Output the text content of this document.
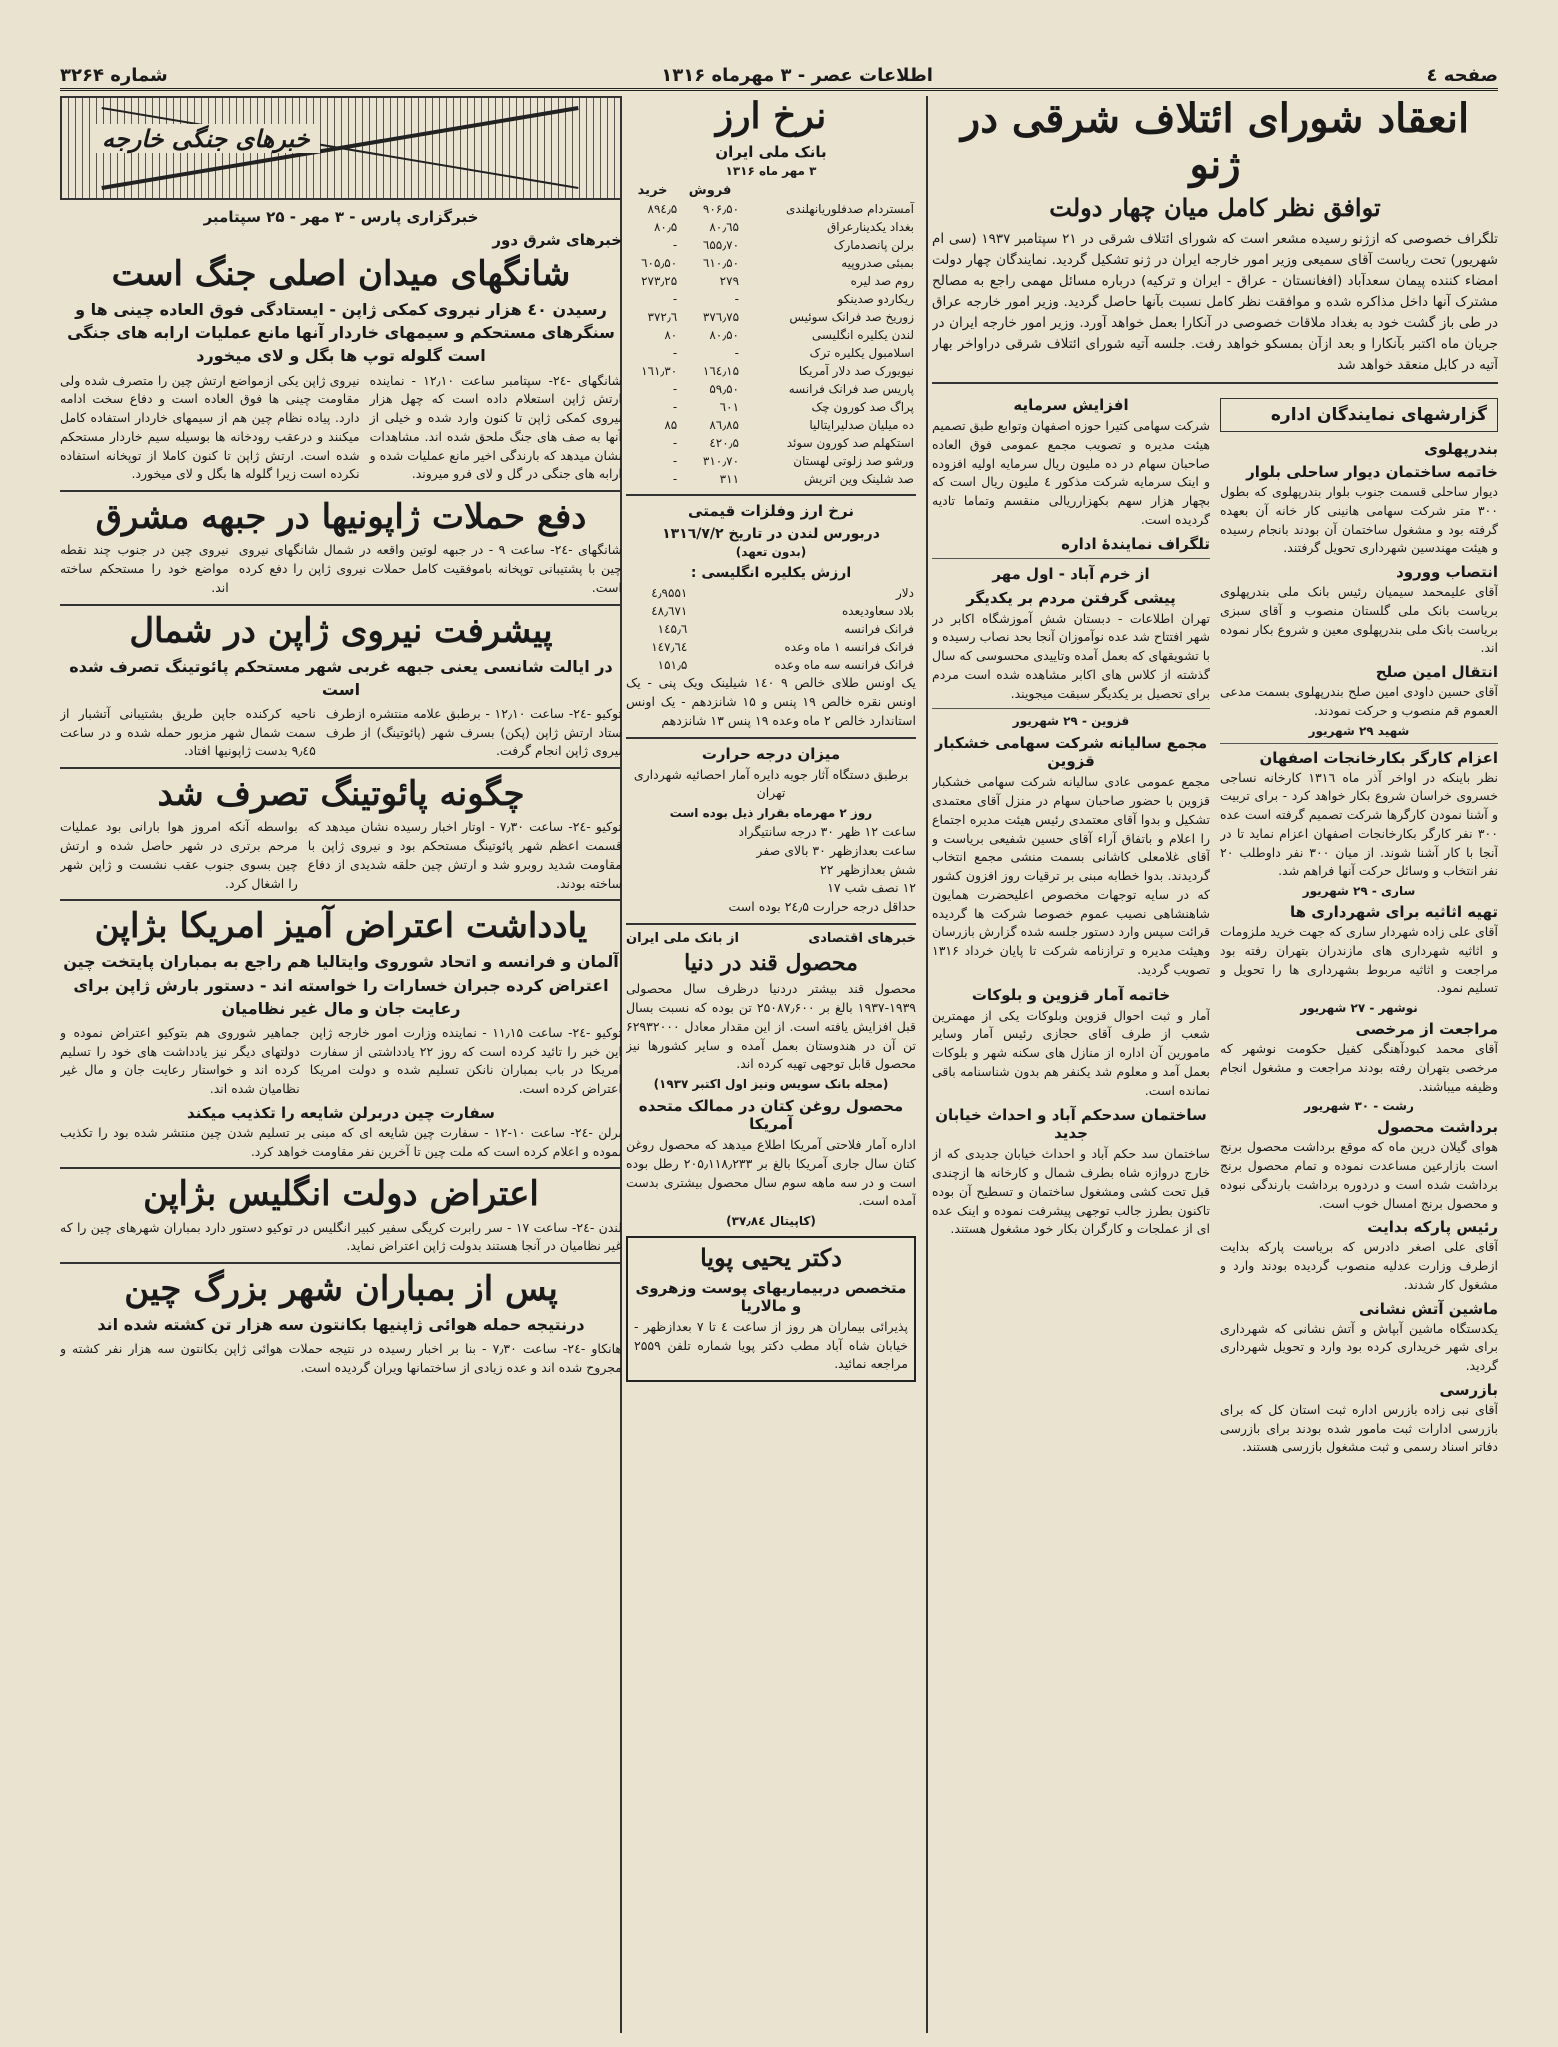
صفحه ٤
اطلاعات عصر - ۳ مهرماه ۱۳۱۶
شماره ۳۲۶۴
انعقاد شورای ائتلاف شرقی در ژنو
توافق نظر کامل میان چهار دولت

تلگراف خصوصی که ازژنو رسیده مشعر است که شورای ائتلاف شرقی در ۲۱ سپتامبر ۱۹۳۷ (سی ام شهریور) تحت ریاست آقای سمیعی وزیر امور خارجه ایران در ژنو تشکیل گردید. نمایندگان چهار دولت امضاء کننده پیمان سعدآباد (افغانستان - عراق - ایران و ترکیه) درباره مسائل مهمی راجع به مصالح مشترک آنها داخل مذاکره شده و موافقت نظر کامل نسبت بآنها حاصل گردید. وزیر امور خارجه عراق در طی باز گشت خود به بغداد ملاقات خصوصی در آنکارا بعمل خواهد آورد. وزیر امور خارجه ایران در جریان ماه اکتبر بآنکارا و بعد ازآن بمسکو خواهد رفت. جلسه آتیه شورای ائتلاف شرقی دراواخر بهار آتیه در کابل منعقد خواهد شد

گزارشهای نمایندگان اداره
بندرپهلوی
خاتمه ساختمان دیوار ساحلی بلوار

دیوار ساحلی قسمت جنوب بلوار بندرپهلوی که بطول ۳۰۰ متر شرکت سهامی هانینی کار خانه آن بعهده گرفته بود و مشغول ساختمان آن بودند بانجام رسیده و هیئت مهندسین شهرداری تحویل گرفتند.

انتصاب وورود

آقای علیمحمد سیمیان رئیس بانک ملی بندرپهلوی بریاست بانک ملی گلستان منصوب و آقای سبزی بریاست بانک ملی بندرپهلوی معین و شروع بکار نموده اند.

انتقال امین صلح

آقای حسین داودی امین صلح بندرپهلوی بسمت مدعی العموم قم منصوب و حرکت نمودند.

شهید ۲۹ شهریور
اعزام کارگر بکارخانجات اصفهان

نظر باینکه در اواخر آذر ماه ۱۳۱٦ کارخانه نساجی خسروی خراسان شروع بکار خواهد کرد - برای تربیت و آشنا نمودن کارگرها شرکت تصمیم گرفته است عده ۳۰۰ نفر کارگر بکارخانجات اصفهان اعزام نماید تا در آنجا با کار آشنا شوند. از میان ۳۰۰ نفر داوطلب ۲۰ نفر انتخاب و وسائل حرکت آنها فراهم شد.

ساری - ۲۹ شهریور
تهیه اثاثیه برای شهرداری ها

آقای علی زاده شهردار ساری که جهت خرید ملزومات و اثاثیه شهرداری های مازندران بتهران رفته بود مراجعت و اثاثیه مربوط بشهرداری ها را تحویل و تسلیم نمود.

نوشهر - ۲۷ شهریور
مراجعت از مرخصی

آقای محمد کبودآهنگی کفیل حکومت نوشهر که مرخصی بتهران رفته بودند مراجعت و مشغول انجام وظیفه میباشند.

رشت - ۳۰ شهریور
برداشت محصول

هوای گیلان درین ماه که موقع برداشت محصول برنج است بازارعین مساعدت نموده و تمام محصول برنج برداشت شده است و دردوره برداشت بارندگی نبوده و محصول برنج امسال خوب است.

رئیس پارکه بدایت

آقای علی اصغر دادرس که بریاست پارکه بدایت ازطرف وزارت عدلیه منصوب گردیده بودند وارد و مشغول کار شدند.

ماشین آتش نشانی

یکدستگاه ماشین آبپاش و آتش نشانی که شهرداری برای شهر خریداری کرده بود وارد و تحویل شهرداری گردید.

بازرسی

آقای نبی زاده بازرس اداره ثبت استان کل که برای بازرسی ادارات ثبت مامور شده بودند برای بازرسی دفاتر اسناد رسمی و ثبت مشغول بازرسی هستند.

افزایش سرمایه

شرکت سهامی کتیرا حوزه اصفهان وتوابع طبق تصمیم هیئت مدیره و تصویب مجمع عمومی فوق العاده صاحبان سهام در ده ملیون ریال سرمایه اولیه افزوده و اینک سرمایه شرکت مذکور ٤ ملیون ریال است که بچهار هزار سهم بکهزارریالی منقسم وتماما تادیه گردیده است.

تلگراف نمایندۀ اداره
از خرم آباد - اول مهر
پیشی گرفتن مردم بر یکدیگر

تهران اطلاعات - دبستان شش آموزشگاه اکابر در شهر افتتاح شد عده نوآموزان آنجا بحد نصاب رسیده و با تشویقهای که بعمل آمده وتاییدی محسوسی که سال گذشته از کلاس های اکابر مشاهده شده است مردم برای تحصیل بر یکدیگر سبقت میجویند.

قزوین - ۲۹ شهریور
مجمع سالیانه شرکت سهامی خشکبار قزوین

مجمع عمومی عادی سالیانه شرکت سهامی خشکبار قزوین با حضور صاحبان سهام در منزل آقای معتمدی تشکیل و بدوا آقای معتمدی رئیس هیئت مدیره اجتماع را اعلام و باتفاق آراء آقای حسین شفیعی بریاست و آقای غلامعلی کاشانی بسمت منشی مجمع انتخاب گردیدند. بدوا خطابه مبنی بر ترقیات روز افزون کشور که در سایه توجهات مخصوص اعلیحضرت همایون شاهنشاهی نصیب عموم خصوصا شرکت ها گردیده قرائت سپس وارد دستور جلسه شده گزارش بازرسان وهیئت مدیره و ترازنامه شرکت تا پایان خرداد ۱۳۱۶ تصویب گردید.

خاتمه آمار قزوین و بلوکات

آمار و ثبت احوال قزوین وبلوکات یکی از مهمترین شعب از طرف آقای حجازی رئیس آمار وسایر مامورین آن اداره از منازل های سکنه شهر و بلوکات بعمل آمد و معلوم شد یکنفر هم بدون شناسنامه باقی نمانده است.

ساختمان سدحکم آباد و احداث خیابان جدید

ساختمان سد حکم آباد و احداث خیابان جدیدی که از خارج دروازه شاه بطرف شمال و کارخانه ها ازچندی قبل تحت کشی ومشغول ساختمان و تسطیح آن بوده تاکنون بطرز جالب توجهی پیشرفت نموده و اینک عده ای از عملجات و کارگران بکار خود مشغول هستند.

نرخ ارز
بانک ملی ایران
۳ مهر ماه ۱۳۱۶
	فروش	خرید
آمستردام صدفلوریانهلندی	۹۰۶٫۵۰	۸۹٤٫۵
بغداد یکدینارعراق	۸۰٫٦۵	۸۰٫۵
برلن پانصدمارک	٦۵۵٫۷۰	-
بمبئی صدروپیه	٦۱۰٫۵۰	٦۰۵٫۵۰
روم صد لیره	۲۷۹	۲۷۳٫۲۵
ریکاردو صدینکو	-	-
زوریخ صد فرانک سوئیس	۳۷٦٫۷۵	۳۷۲٫٦
لندن یکلیره انگلیسی	۸۰٫۵۰	۸۰
اسلامبول یکلیره ترک	-	-
نیویورک صد دلار آمریکا	۱٦٤٫۱۵	۱٦۱٫۳۰
پاریس صد فرانک فرانسه	۵۹٫۵۰	-
پراگ صد کورون چک	٦۰۱	-
ده میلیان صدلیرایتالیا	۸٦٫۸۵	۸۵
استکهلم صد کورون سوئد	٤۲۰٫۵	-
ورشو صد زلوتی لهستان	۳۱۰٫۷۰	-
صد شلینک وین اتریش	۳۱۱	-
نرخ ارز وفلزات قیمتی
دربورس لندن در تاریخ ۱۳۱٦/۷/۲
(بدون تعهد)
ارزش یکلیره انگلیسی :
دلار	٤٫۹۵۵۱
بلاد سعاودیعده	٤۸٫٦۷۱
فرانک فرانسه	۱٤۵٫٦
فرانک فرانسه ۱ ماه وعده	۱٤۷٫٦٤
فرانک فرانسه سه ماه وعده	۱۵۱٫۵

یک اونس طلای خالص ۹ ۱٤۰ شیلینک ویک پنی - یک اونس نقره خالص ۱۹ پنس و ۱۵ شانزدهم - یک اونس استاندارد خالص ۲ ماه وعده ۱۹ پنس ۱۳ شانزدهم

میزان درجه حرارت

برطبق دستگاه آثار جویه دایره آمار احصائیه شهرداری تهران

روز ۲ مهرماه بقرار ذیل بوده است
ساعت ۱۲ ظهر ۳۰ درجه سانتیگراد
ساعت بعدازظهر ۳۰ بالای صفر
شش بعدازظهر ۲۲
۱۲ نصف شب ۱۷
حداقل درجه حرارت ۲٤٫۵ بوده است
خبرهای اقتصادی
از بانک ملی ایران
محصول قند در دنیا

محصول قند بیشتر دردنیا درظرف سال محصولی ۱۹۳۹-۱۹۳۷ بالغ بر ۲۵۰۸۷٫۶۰۰ تن بوده که نسبت بسال قبل افزایش یافته است. از این مقدار معادل ۶۲۹۳۲۰۰۰ تن آن در هندوستان بعمل آمده و سایر کشورها نیز محصول قابل توجهی تهیه کرده اند.

(مجله بانک سویس ونیز اول اکتبر ۱۹۳۷)
محصول روغن کتان در ممالک متحده آمریکا

اداره آمار فلاحتی آمریکا اطلاع میدهد که محصول روغن کتان سال جاری آمریکا بالغ بر ۲۰۵٫۱۱۸٫۲۳۳ رطل بوده است و در سه ماهه سوم سال محصول بیشتری بدست آمده است.

(کاپیتال ۳۷٫۸٤)
دکتر یحیی پویا
متخصص دربیماریهای پوست وزهروی و مالاریا

پذیرائی بیماران هر روز از ساعت ٤ تا ۷ بعدازظهر - خیابان شاه آباد مطب دکتر پویا شماره تلفن ۲۵۵۹ مراجعه نمائید.

خبرهای جنگی خارجه
خبرگزاری پارس - ۳ مهر - ۲۵ سپتامبر
خبرهای شرق دور
شانگهای میدان اصلی جنگ است

رسیدن ٤۰ هزار نیروی کمکی ژاپن - ایستادگی فوق العاده چینی ها و سنگرهای مستحکم و سیمهای خاردار آنها مانع عملیات ارابه های جنگی است گلوله توپ ها بگل و لای میخورد

شانگهای -۲٤- سپتامبر ساعت ۱۲٫۱۰ - نماینده ارتش ژاپن استعلام داده است که چهل هزار نیروی کمکی ژاپن تا کنون وارد شده و خیلی از آنها به صف های جنگ ملحق شده اند. مشاهدات نشان میدهد که بارندگی اخیر مانع عملیات شده و ارابه های جنگی در گل و لای فرو میروند.

نیروی ژاپن یکی ازمواضع ارتش چین را متصرف شده ولی مقاومت چینی ها فوق العاده است و دفاع سخت ادامه دارد. پیاده نظام چین هم از سیمهای خاردار استفاده کامل میکنند و درعقب رودخانه ها بوسیله سیم خاردار مستحکم شده است. ارتش ژاپن تا کنون کاملا از توپخانه استفاده نکرده است زیرا گلوله ها بگل و لای میخورد.

دفع حملات ژاپونیها در جبهه مشرق

شانگهای -۲٤- ساعت ۹ - در جبهه لوتین واقعه در شمال شانگهای نیروی چین با پشتیبانی توپخانه باموفقیت کامل حملات نیروی ژاپن را دفع کرده است.

نیروی چین در جنوب چند نقطه مواضع خود را مستحکم ساخته اند.

پیشرفت نیروی ژاپن در شمال

در ایالت شانسی یعنی جبهه غربی شهر مستحکم پائوتینگ تصرف شده است

توکیو -۲٤- ساعت ۱۲٫۱۰ - برطبق علامه منتشره ازطرف ستاد ارتش ژاپن (پکن) بسرف شهر (پائوتینگ) از طرف نیروی ژاپن انجام گرفت.

ناحیه کرکنده جاپن طریق بشتیبانی آتشبار از سمت شمال شهر مزبور حمله شده و در ساعت ۹٫٤۵ بدست ژاپونیها افتاد.

چگونه پائوتینگ تصرف شد

توکیو -۲٤- ساعت ۷٫۳۰ - اوتار اخبار رسیده نشان میدهد که قسمت اعظم شهر پائوتینگ مستحکم بود و نیروی ژاپن با مقاومت شدید روبرو شد و ارتش چین حلقه شدیدی از دفاع ساخته بودند.

بواسطه آنکه امروز هوا بارانی بود عملیات مرحم برتری در شهر حاصل شده و ارتش چین بسوی جنوب عقب نشست و ژاپن شهر را اشغال کرد.

یادداشت اعتراض آمیز امریکا بژاپن

آلمان و فرانسه و اتحاد شوروی وایتالیا هم راجع به بمباران پایتخت چین اعتراض کرده جبران خسارات را خواسته اند - دستور بارش ژاپن برای رعایت جان و مال غیر نظامیان

توکیو -۲٤- ساعت ۱۱٫۱۵ - نماینده وزارت امور خارجه ژاپن این خبر را تائید کرده است که روز ۲۲ یادداشتی از سفارت امریکا در باب بمباران نانکن تسلیم شده و دولت امریکا اعتراض کرده است.

جماهیر شوروی هم بتوکیو اعتراض نموده و دولتهای دیگر نیز یادداشت های خود را تسلیم کرده اند و خواستار رعایت جان و مال غیر نظامیان شده اند.

سفارت چین دربرلن شایعه را تکذیب میکند

برلن -۲٤- ساعت ۱۰-۱۲ - سفارت چین شایعه ای که مبنی بر تسلیم شدن چین منتشر شده بود را تکذیب نموده و اعلام کرده است که ملت چین تا آخرین نفر مقاومت خواهد کرد.

اعتراض دولت انگلیس بژاپن

لندن -۲٤- ساعت ۱۷ - سر رابرت کریگی سفیر کبیر انگلیس در توکیو دستور دارد بمباران شهرهای چین را که غیر نظامیان در آنجا هستند بدولت ژاپن اعتراض نماید.

پس از بمباران شهر بزرگ چین

درنتیجه حمله هوائی ژاپنیها بکانتون سه هزار تن کشته شده اند

هانکاو -۲٤- ساعت ۷٫۳۰ - بنا بر اخبار رسیده در نتیجه حملات هوائی ژاپن بکانتون سه هزار نفر کشته و مجروح شده اند و عده زیادی از ساختمانها ویران گردیده است.
